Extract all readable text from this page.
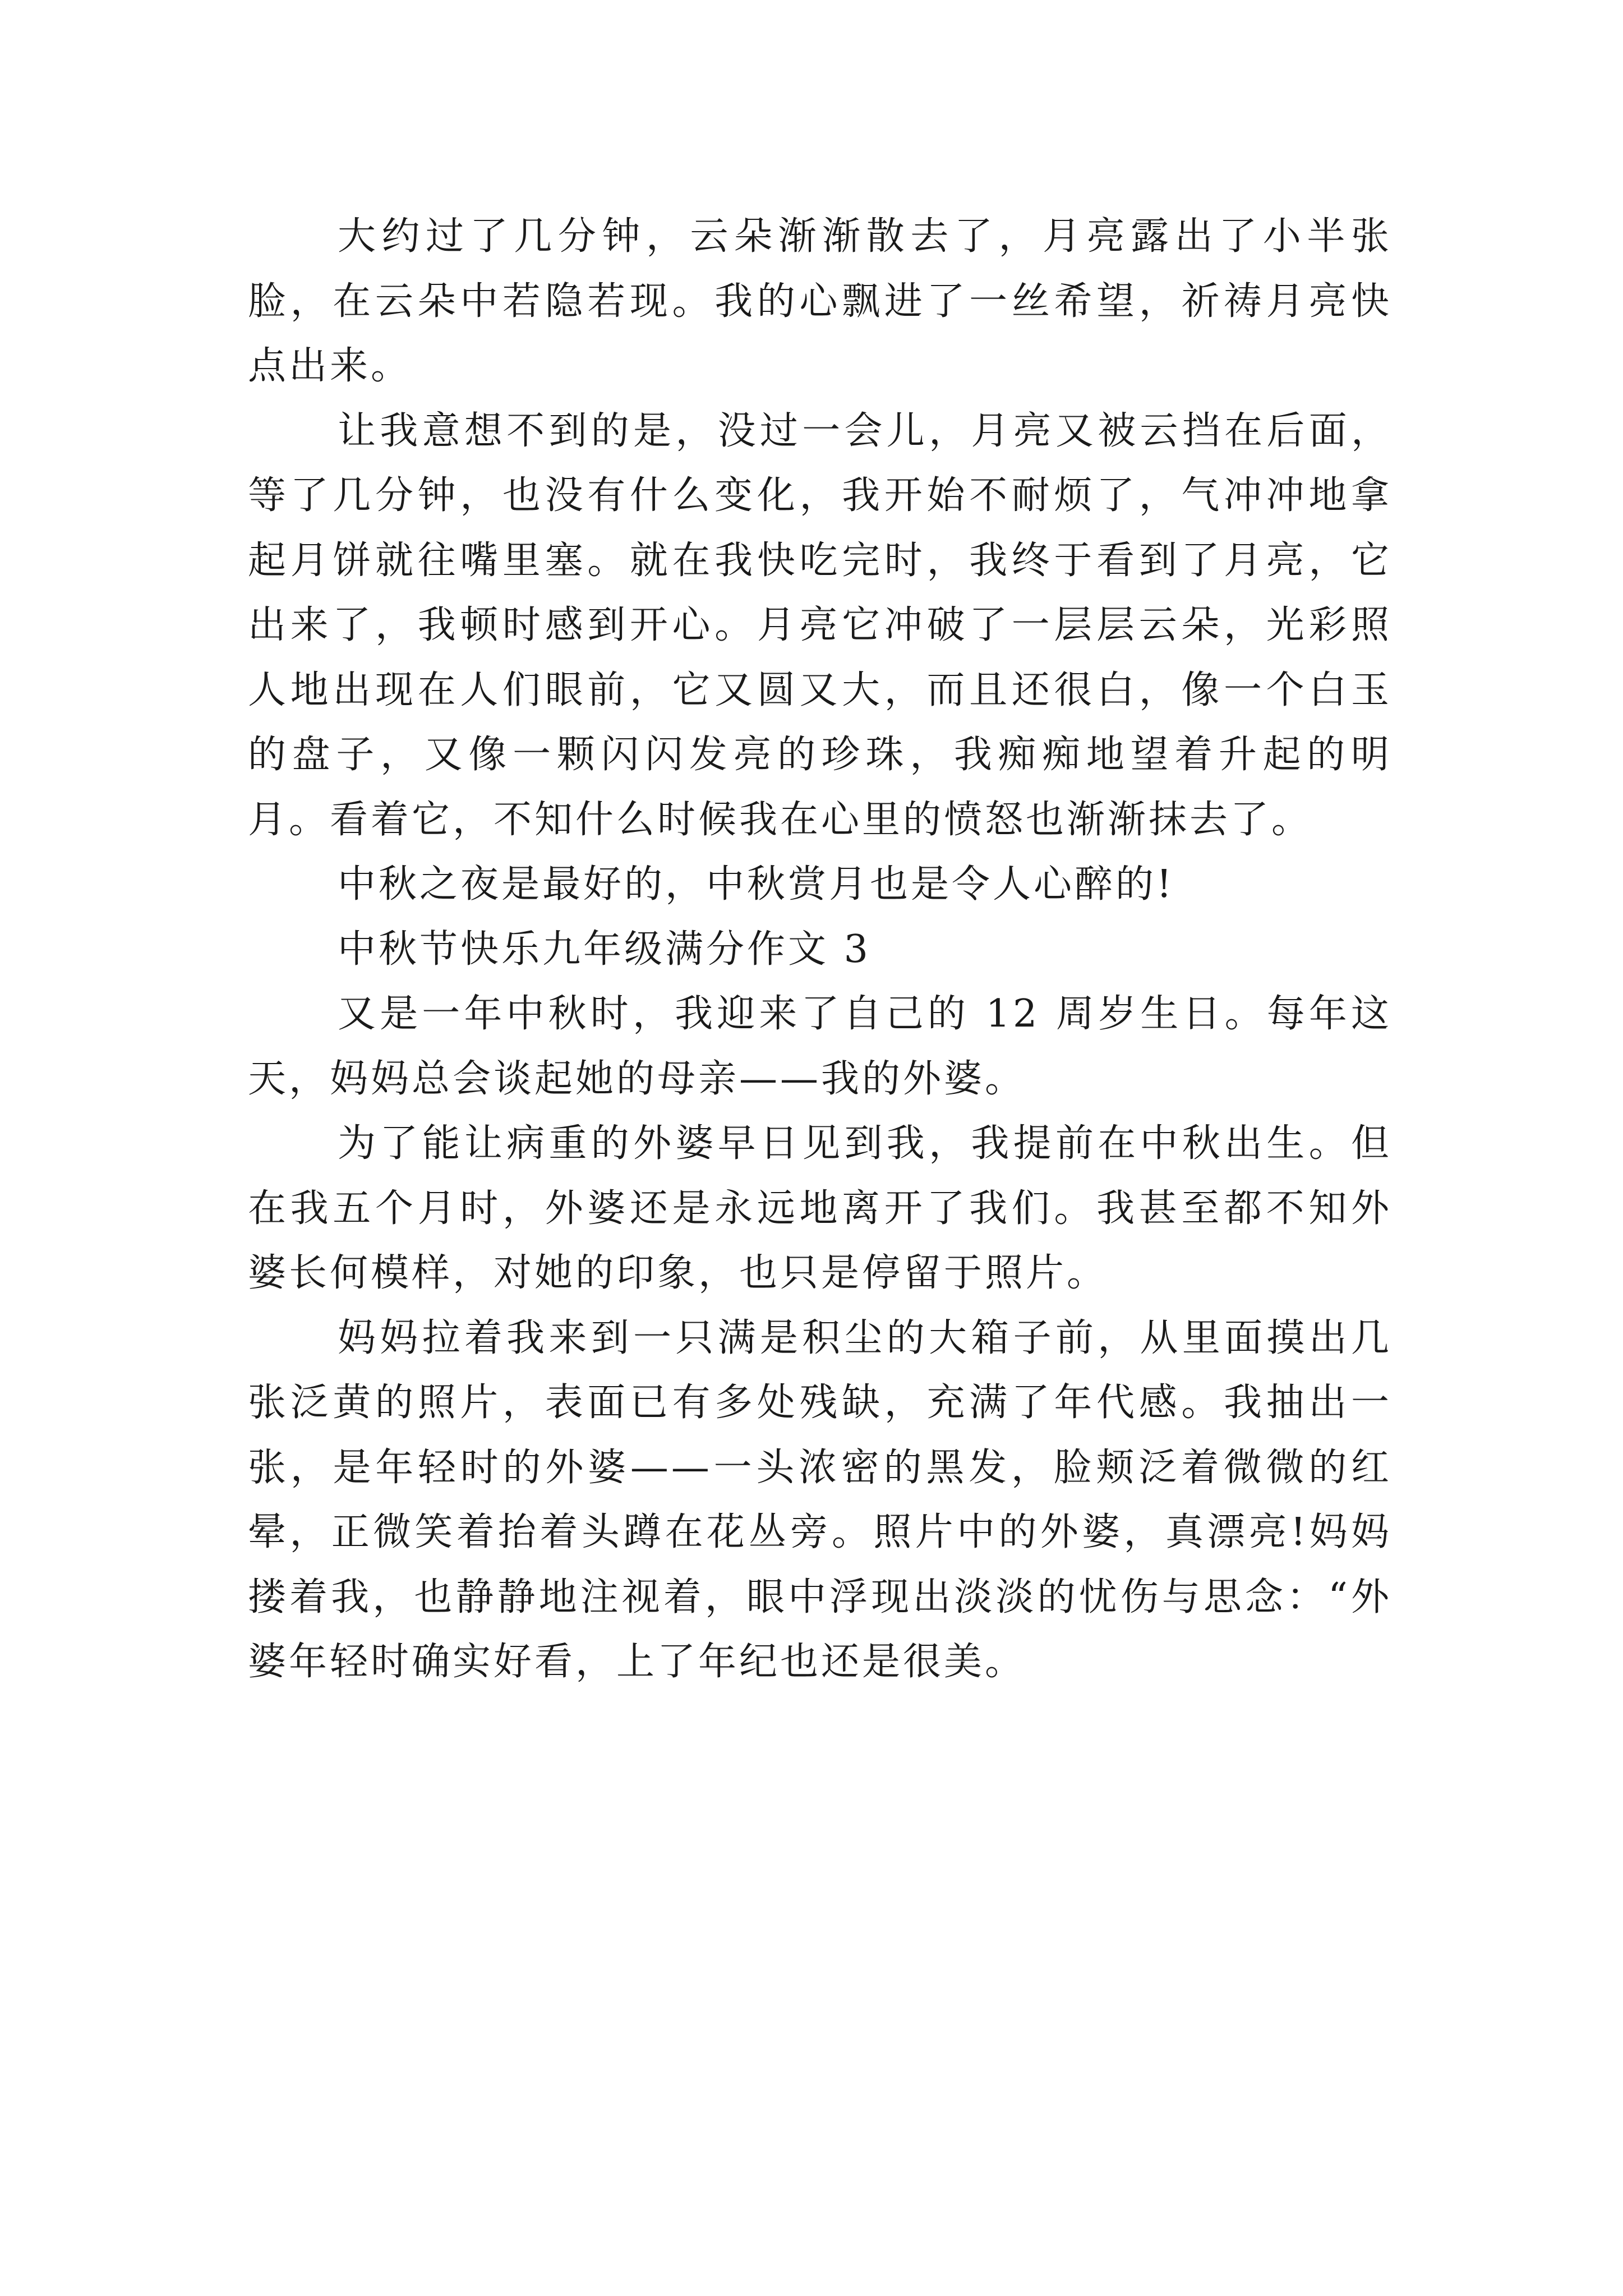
大约过了几分钟，云朵渐渐散去了，月亮露出了小半张脸，在云朵中若隐若现。我的心飘进了一丝希望，祈祷月亮快点出来。

让我意想不到的是，没过一会儿，月亮又被云挡在后面，等了几分钟，也没有什么变化，我开始不耐烦了，气冲冲地拿起月饼就往嘴里塞。就在我快吃完时，我终于看到了月亮，它出来了，我顿时感到开心。月亮它冲破了一层层云朵，光彩照人地出现在人们眼前，它又圆又大，而且还很白，像一个白玉的盘子，又像一颗闪闪发亮的珍珠，我痴痴地望着升起的明月。看着它，不知什么时候我在心里的愤怒也渐渐抹去了。

中秋之夜是最好的，中秋赏月也是令人心醉的!

中秋节快乐九年级满分作文 3

又是一年中秋时，我迎来了自己的 12 周岁生日。每年这天，妈妈总会谈起她的母亲——我的外婆。

为了能让病重的外婆早日见到我，我提前在中秋出生。但在我五个月时，外婆还是永远地离开了我们。我甚至都不知外婆长何模样，对她的印象，也只是停留于照片。

妈妈拉着我来到一只满是积尘的大箱子前，从里面摸出几张泛黄的照片，表面已有多处残缺，充满了年代感。我抽出一张，是年轻时的外婆——一头浓密的黑发，脸颊泛着微微的红晕，正微笑着抬着头蹲在花丛旁。照片中的外婆，真漂亮!妈妈搂着我，也静静地注视着，眼中浮现出淡淡的忧伤与思念：“外婆年轻时确实好看，上了年纪也还是很美。
